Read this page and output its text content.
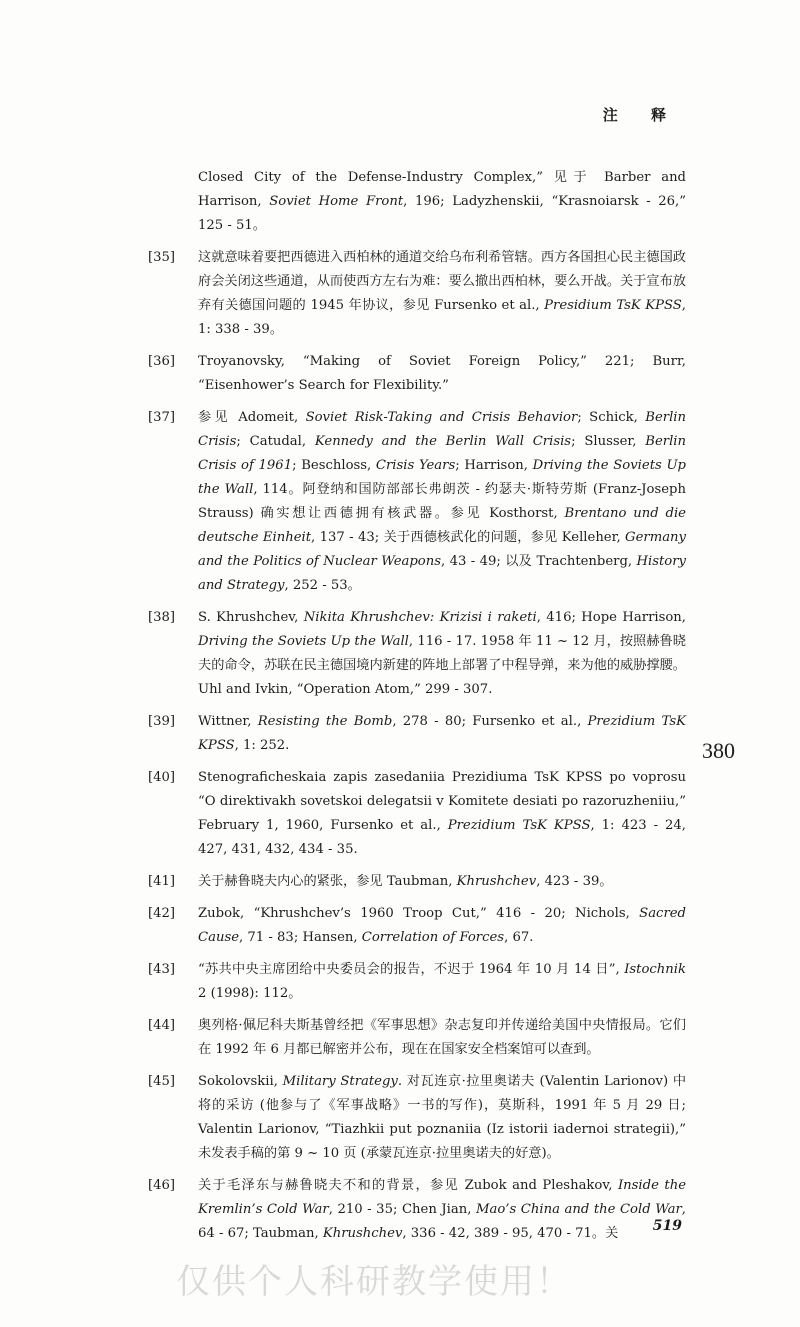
注 释

Closed City of the Defense-Industry Complex,” 见于 Barber and Harrison, Soviet Home Front, 196; Ladyzhenskii, “Krasnoiarsk - 26,” 125 - 51。

[35]	这就意味着要把西德进入西柏林的通道交给乌布利希管辖。西方各国担心民主德国政府会关闭这些通道，从而使西方左右为难：要么撤出西柏林，要么开战。关于宣布放弃有关德国问题的 1945 年协议，参见 Fursenko et al., Presidium TsK KPSS, 1: 338 - 39。

[36]	Troyanovsky, “Making of Soviet Foreign Policy,” 221; Burr, “Eisenhower’s Search for Flexibility.”

[37]	参见 Adomeit, Soviet Risk-Taking and Crisis Behavior; Schick, Berlin Crisis; Catudal, Kennedy and the Berlin Wall Crisis; Slusser, Berlin Crisis of 1961; Beschloss, Crisis Years; Harrison, Driving the Soviets Up the Wall, 114。阿登纳和国防部部长弗朗茨 - 约瑟夫·斯特劳斯 (Franz-Joseph Strauss) 确实想让西德拥有核武器。参见 Kosthorst, Brentano und die deutsche Einheit, 137 - 43; 关于西德核武化的问题，参见 Kelleher, Germany and the Politics of Nuclear Weapons, 43 - 49; 以及 Trachtenberg, History and Strategy, 252 - 53。

[38]	S. Khrushchev, Nikita Khrushchev: Krizisi i raketi, 416; Hope Harrison, Driving the Soviets Up the Wall, 116 - 17. 1958 年 11 ~ 12 月，按照赫鲁晓夫的命令，苏联在民主德国境内新建的阵地上部署了中程导弹，来为他的威胁撑腰。Uhl and Ivkin, “Operation Atom,” 299 - 307.

[39]	Wittner, Resisting the Bomb, 278 - 80; Fursenko et al., Prezidium TsK KPSS, 1: 252.

[40]	Stenograficheskaia zapis zasedaniia Prezidiuma TsK KPSS po voprosu “O direktivakh sovetskoi delegatsii v Komitete desiati po razoruzheniiu,” February 1, 1960, Fursenko et al., Prezidium TsK KPSS, 1: 423 - 24, 427, 431, 432, 434 - 35.

[41]	关于赫鲁晓夫内心的紧张，参见 Taubman, Khrushchev, 423 - 39。

[42]	Zubok, “Khrushchev’s 1960 Troop Cut,” 416 - 20; Nichols, Sacred Cause, 71 - 83; Hansen, Correlation of Forces, 67.

[43]	“苏共中央主席团给中央委员会的报告，不迟于 1964 年 10 月 14 日”, Istochnik 2 (1998): 112。

[44]	奥列格·佩尼科夫斯基曾经把《军事思想》杂志复印并传递给美国中央情报局。它们在 1992 年 6 月都已解密并公布，现在在国家安全档案馆可以查到。

[45]	Sokolovskii, Military Strategy. 对瓦连京·拉里奥诺夫 (Valentin Larionov) 中将的采访 (他参与了《军事战略》一书的写作)，莫斯科，1991 年 5 月 29 日; Valentin Larionov, “Tiazhkii put poznaniia (Iz istorii iadernoi strategii),” 未发表手稿的第 9 ~ 10 页 (承蒙瓦连京·拉里奥诺夫的好意)。

[46]	关于毛泽东与赫鲁晓夫不和的背景，参见 Zubok and Pleshakov, Inside the Kremlin’s Cold War, 210 - 35; Chen Jian, Mao’s China and the Cold War, 64 - 67; Taubman, Khrushchev, 336 - 42, 389 - 95, 470 - 71。关

380
519
仅供个人科研教学使用！
